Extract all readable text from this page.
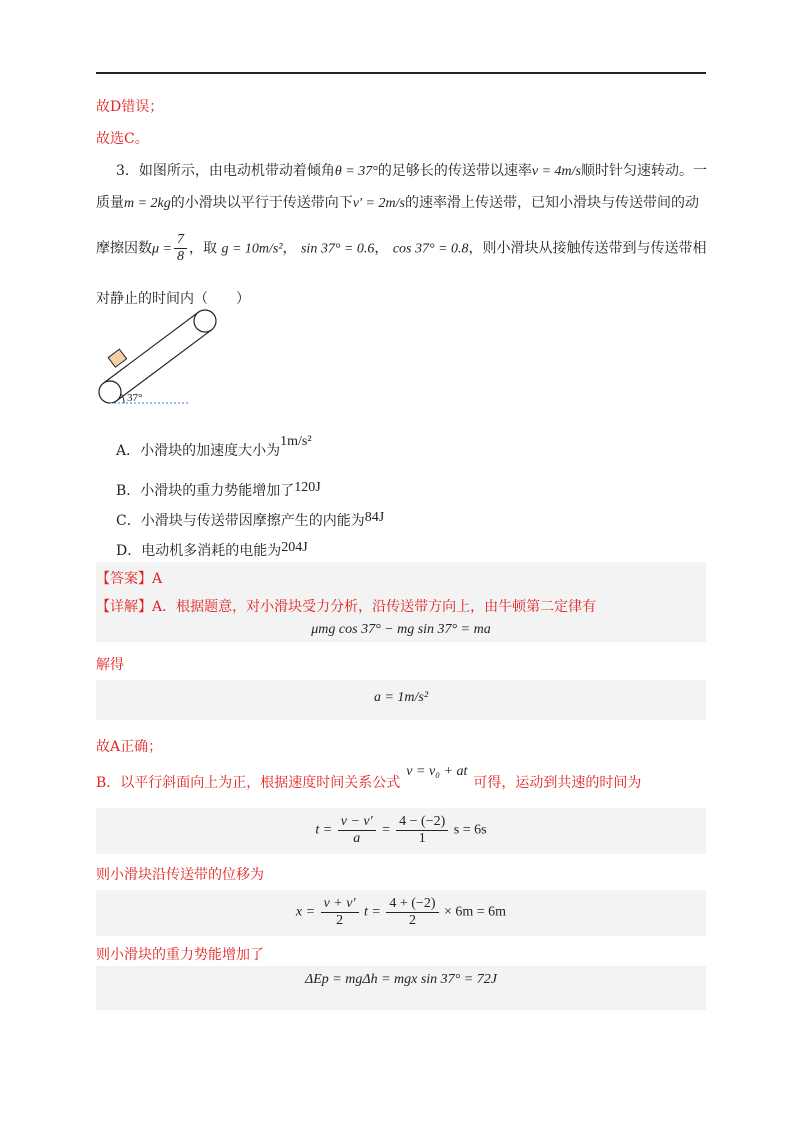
故D错误；
故选C。
3．如图所示，由电动机带动着倾角θ = 37°的足够长的传送带以速率v = 4m/s顺时针匀速转动。一
质量m = 2kg的小滑块以平行于传送带向下v′ = 2m/s的速率滑上传送带，已知小滑块与传送带间的动
摩擦因数$\mu = \frac{7}{8}$ ，取 g = 10m/s²， sin 37° = 0.6， cos 37° = 0.8，则小滑块从接触传送带到与传送带相
对静止的时间内（　　）
37°
A．小滑块的加速度大小为1m/s²
B．小滑块的重力势能增加了120J
C．小滑块与传送带因摩擦产生的内能为84J
D．电动机多消耗的电能为204J
【答案】A
【详解】A．根据题意，对小滑块受力分析，沿传送带方向上，由牛顿第二定律有
μmg cos 37° − mg sin 37° = ma
解得
a = 1m/s²
故A正确；
B．以平行斜面向上为正，根据速度时间关系公式v = v₀ + at可得，运动到共速的时间为
$t = \frac{v - v'}{a} = \frac{4 - (-2)}{1}$ s = 6s
则小滑块沿传送带的位移为
$x = \frac{v + v'}{2}$ $t = \frac{4 + (-2)}{2} \times 6m = 6m$
则小滑块的重力势能增加了
ΔEp = mgΔh = mgx sin 37° = 72J
